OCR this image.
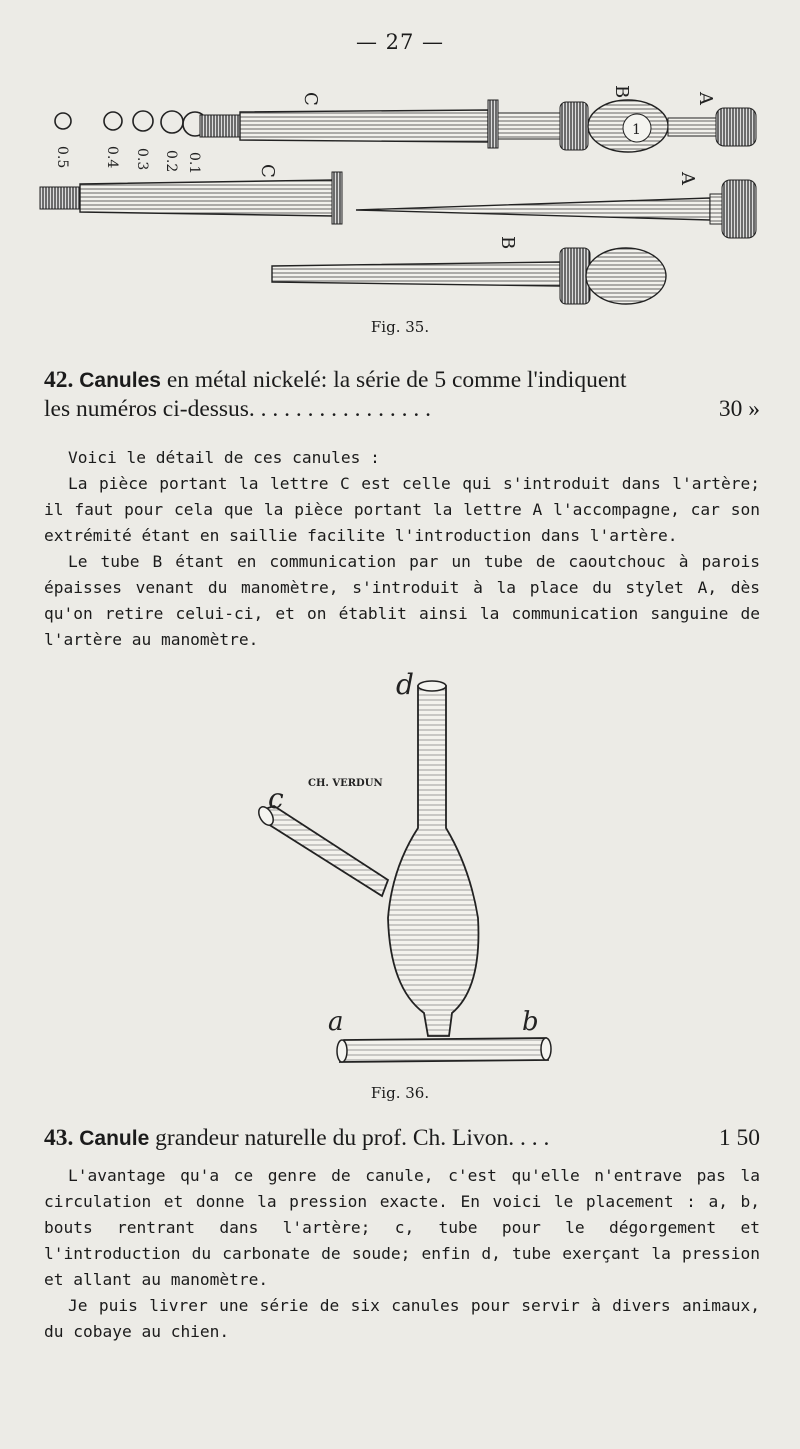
— 27 —
0.5 0.4 0.3 0.2 0.1
1
C
B
A
C
A
B
Fig. 35.
42. Canules en métal nickelé: la série de 5 comme l'indiquent
les numéros ci-dessus. . . . . . . . . . . . . . . .	30 »
Voici le détail de ces canules :

La pièce portant la lettre C est celle qui s'introduit dans l'artère; il faut pour cela que la pièce portant la lettre A l'accompagne, car son extrémité étant en saillie facilite l'introduction dans l'artère.

Le tube B étant en communication par un tube de caoutchouc à parois épaisses venant du manomètre, s'introduit à la place du stylet A, dès qu'on retire celui-ci, et on établit ainsi la communication sanguine de l'artère au manomètre.

d
c
a	b
CH. VERDUN
Fig. 36.
43. Canule grandeur naturelle du prof. Ch. Livon. . . .	1 50

L'avantage qu'a ce genre de canule, c'est qu'elle n'entrave pas la circulation et donne la pression exacte. En voici le placement : a, b, bouts rentrant dans l'artère; c, tube pour le dégorgement et l'introduction du carbonate de soude; enfin d, tube exerçant la pression et allant au manomètre.

Je puis livrer une série de six canules pour servir à divers animaux, du cobaye au chien.
